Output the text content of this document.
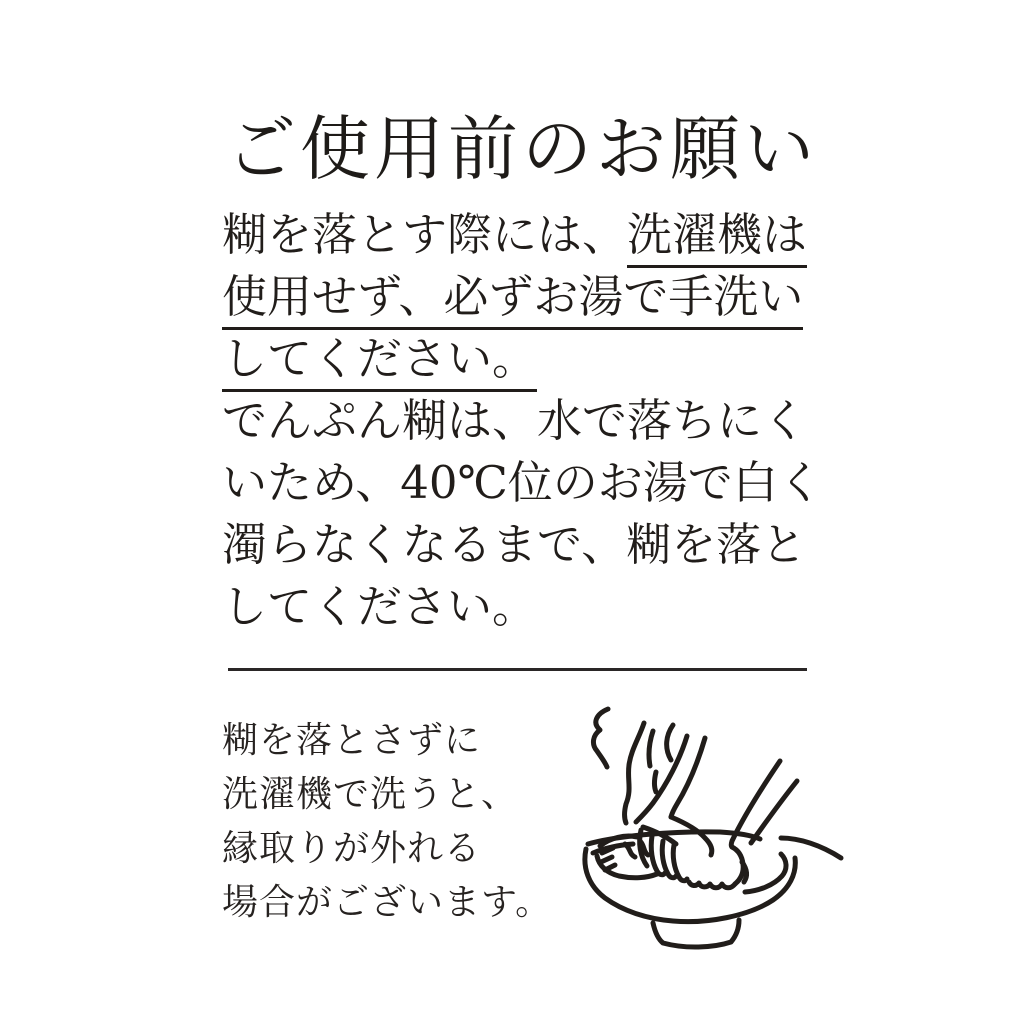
ご使用前のお願い
糊を落とす際には、洗濯機は
使用せず、必ずお湯で手洗い
してください。
でんぷん糊は、水で落ちにく
いため、40℃位のお湯で白く
濁らなくなるまで、糊を落と
してください。
糊を落とさずに
洗濯機で洗うと、
縁取りが外れる
場合がございます。
